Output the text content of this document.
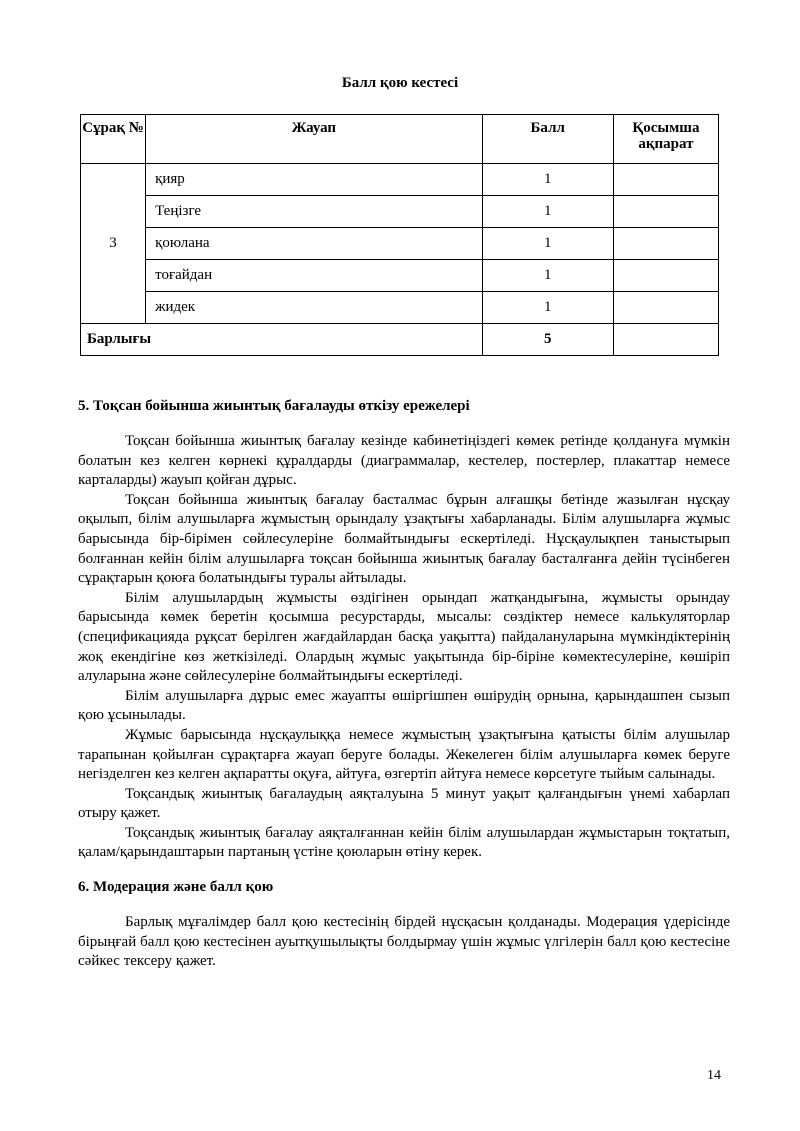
Балл қою кестесі
Сұрақ №	Жауап	Балл	Қосымша ақпарат
3	қияр	1	
	Теңізге	1	
	қоюлана	1	
	тоғайдан	1	
	жидек	1	
Барлығы		5	
5. Тоқсан бойынша жиынтық бағалауды өткізу ережелері

Тоқсан бойынша жиынтық бағалау кезінде кабинетіңіздегі көмек ретінде қолдануға мүмкін болатын кез келген көрнекі құралдарды (диаграммалар, кестелер, постерлер, плакаттар немесе карталарды) жауып қойған дұрыс.

Тоқсан бойынша жиынтық бағалау басталмас бұрын алғашқы бетінде жазылған нұсқау оқылып, білім алушыларға жұмыстың орындалу ұзақтығы хабарланады. Білім алушыларға жұмыс барысында бір-бірімен сөйлесулеріне болмайтындығы ескертіледі. Нұсқаулықпен таныстырып болғаннан кейін білім алушыларға тоқсан бойынша жиынтық бағалау басталғанға дейін түсінбеген сұрақтарын қоюға болатындығы туралы айтылады.

Білім алушылардың жұмысты өздігінен орындап жатқандығына, жұмысты орындау барысында көмек беретін қосымша ресурстарды, мысалы: сөздіктер немесе калькуляторлар (спецификацияда рұқсат берілген жағдайлардан басқа уақытта) пайдалануларына мүмкіндіктерінің жоқ екендігіне көз жеткізіледі. Олардың жұмыс уақытында бір-біріне көмектесулеріне, көшіріп алуларына және сөйлесулеріне болмайтындығы ескертіледі.

Білім алушыларға дұрыс емес жауапты өшіргішпен өшірудің орнына, қарындашпен сызып қою ұсынылады.

Жұмыс барысында нұсқаулыққа немесе жұмыстың ұзақтығына қатысты білім алушылар тарапынан қойылған сұрақтарға жауап беруге болады. Жекелеген білім алушыларға көмек беруге негізделген кез келген ақпаратты оқуға, айтуға, өзгертіп айтуға немесе көрсетуге тыйым салынады.

Тоқсандық жиынтық бағалаудың аяқталуына 5 минут уақыт қалғандығын үнемі хабарлап отыру қажет.

Тоқсандық жиынтық бағалау аяқталғаннан кейін білім алушылардан жұмыстарын тоқтатып, қалам/қарындаштарын партаның үстіне қоюларын өтіну керек.

6. Модерация және балл қою

Барлық мұғалімдер балл қою кестесінің бірдей нұсқасын қолданады. Модерация үдерісінде бірыңғай балл қою кестесінен ауытқушылықты болдырмау үшін жұмыс үлгілерін балл қою кестесіне сәйкес тексеру қажет.

14
